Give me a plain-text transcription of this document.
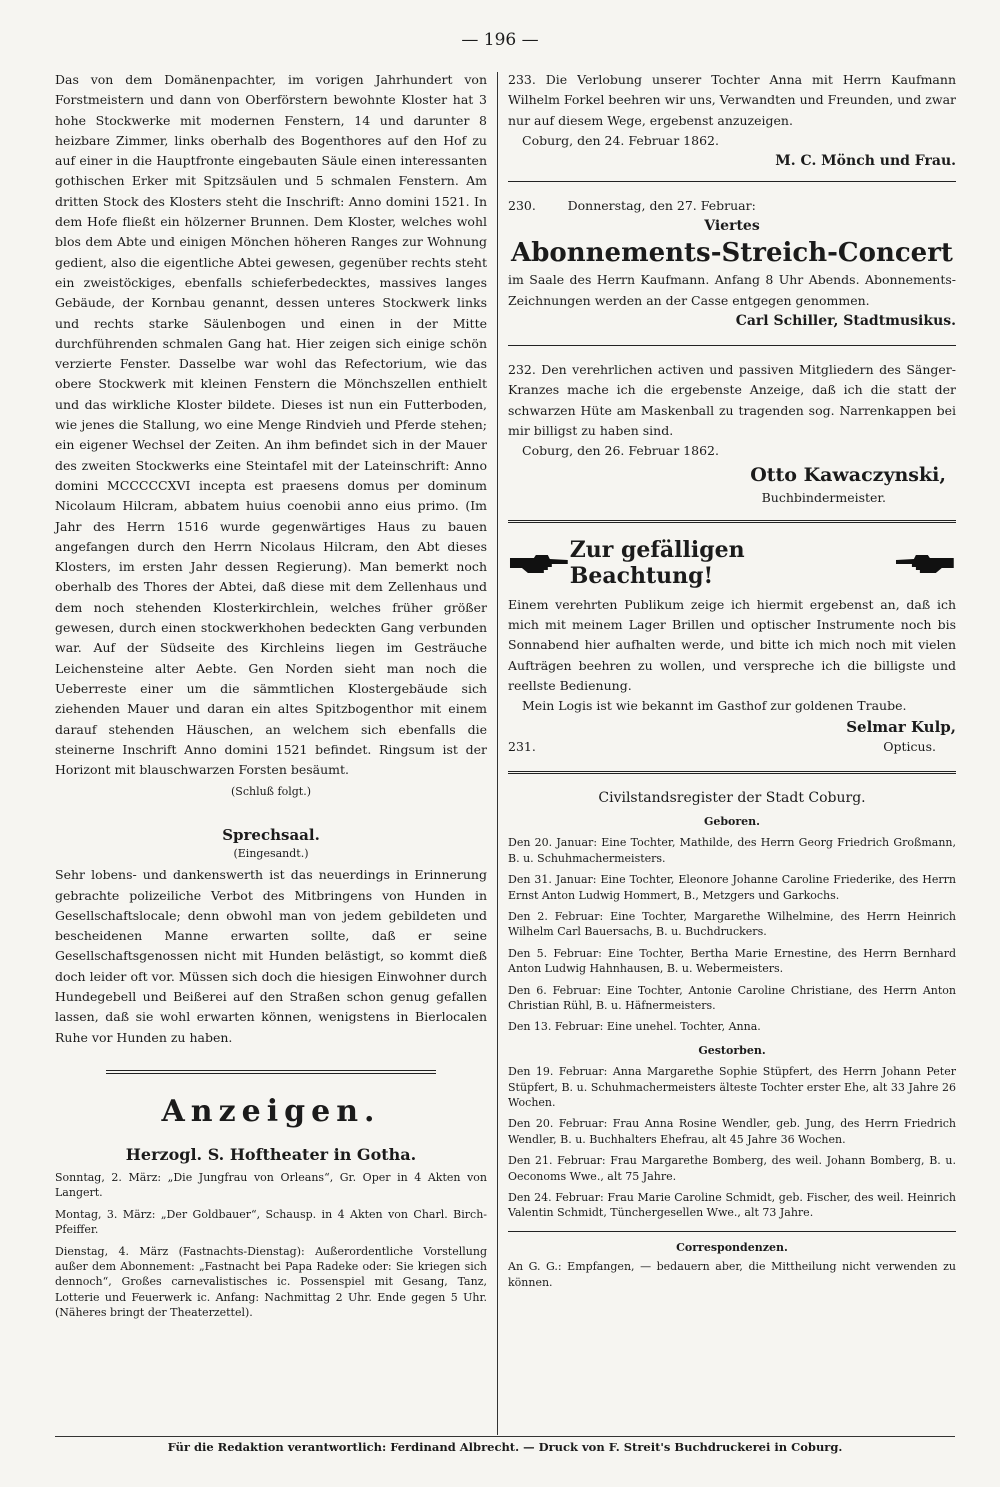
— 196 —

Das von dem Domänenpachter, im vorigen Jahrhundert von Forstmeistern und dann von Oberförstern bewohnte Kloster hat 3 hohe Stockwerke mit modernen Fenstern, 14 und darunter 8 heizbare Zimmer, links oberhalb des Bogenthores auf den Hof zu auf einer in die Hauptfronte eingebauten Säule einen interessanten gothischen Erker mit Spitzsäulen und 5 schmalen Fenstern. Am dritten Stock des Klosters steht die Inschrift: Anno domini 1521. In dem Hofe fließt ein hölzerner Brunnen. Dem Kloster, welches wohl blos dem Abte und einigen Mönchen höheren Ranges zur Wohnung gedient, also die eigentliche Abtei gewesen, gegenüber rechts steht ein zweistöckiges, ebenfalls schieferbedecktes, massives langes Gebäude, der Kornbau genannt, dessen unteres Stockwerk links und rechts starke Säulenbogen und einen in der Mitte durchführenden schmalen Gang hat. Hier zeigen sich einige schön verzierte Fenster. Dasselbe war wohl das Refectorium, wie das obere Stockwerk mit kleinen Fenstern die Mönchszellen enthielt und das wirkliche Kloster bildete. Dieses ist nun ein Futterboden, wie jenes die Stallung, wo eine Menge Rindvieh und Pferde stehen; ein eigener Wechsel der Zeiten. An ihm befindet sich in der Mauer des zweiten Stockwerks eine Steintafel mit der Lateinschrift: Anno domini MCCCCCXVI incepta est praesens domus per dominum Nicolaum Hilcram, abbatem huius coenobii anno eius primo. (Im Jahr des Herrn 1516 wurde gegenwärtiges Haus zu bauen angefangen durch den Herrn Nicolaus Hilcram, den Abt dieses Klosters, im ersten Jahr dessen Regierung). Man bemerkt noch oberhalb des Thores der Abtei, daß diese mit dem Zellenhaus und dem noch stehenden Klosterkirchlein, welches früher größer gewesen, durch einen stockwerkhohen bedeckten Gang verbunden war. Auf der Südseite des Kirchleins liegen im Gesträuche Leichensteine alter Aebte. Gen Norden sieht man noch die Ueberreste einer um die sämmtlichen Klostergebäude sich ziehenden Mauer und daran ein altes Spitzbogenthor mit einem darauf stehenden Häuschen, an welchem sich ebenfalls die steinerne Inschrift Anno domini 1521 befindet. Ringsum ist der Horizont mit blauschwarzen Forsten besäumt.

(Schluß folgt.)

Sprechsaal.

(Eingesandt.)

Sehr lobens- und dankenswerth ist das neuerdings in Erinnerung gebrachte polizeiliche Verbot des Mitbringens von Hunden in Gesellschaftslocale; denn obwohl man von jedem gebildeten und bescheidenen Manne erwarten sollte, daß er seine Gesellschaftsgenossen nicht mit Hunden belästigt, so kommt dieß doch leider oft vor. Müssen sich doch die hiesigen Einwohner durch Hundegebell und Beißerei auf den Straßen schon genug gefallen lassen, daß sie wohl erwarten können, wenigstens in Bierlocalen Ruhe vor Hunden zu haben.

Anzeigen.

Herzogl. S. Hoftheater in Gotha.

Sonntag, 2. März: „Die Jungfrau von Orleans“, Gr. Oper in 4 Akten von Langert.

Montag, 3. März: „Der Goldbauer“, Schausp. in 4 Akten von Charl. Birch-Pfeiffer.

Dienstag, 4. März (Fastnachts-Dienstag): Außerordentliche Vorstellung außer dem Abonnement: „Fastnacht bei Papa Radeke oder: Sie kriegen sich dennoch“, Großes carnevalistisches ic. Possenspiel mit Gesang, Tanz, Lotterie und Feuerwerk ic. Anfang: Nachmittag 2 Uhr. Ende gegen 5 Uhr. (Näheres bringt der Theaterzettel).

233. Die Verlobung unserer Tochter Anna mit Herrn Kaufmann Wilhelm Forkel beehren wir uns, Verwandten und Freunden, und zwar nur auf diesem Wege, ergebenst anzuzeigen.

Coburg, den 24. Februar 1862.

M. C. Mönch und Frau.

230.        Donnerstag, den 27. Februar:

Viertes

Abonnements-Streich-Concert

im Saale des Herrn Kaufmann. Anfang 8 Uhr Abends. Abonnements-Zeichnungen werden an der Casse entgegen genommen.

Carl Schiller, Stadtmusikus.

232. Den verehrlichen activen und passiven Mitgliedern des Sänger-Kranzes mache ich die ergebenste Anzeige, daß ich die statt der schwarzen Hüte am Maskenball zu tragenden sog. Narrenkappen bei mir billigst zu haben sind.

Coburg, den 26. Februar 1862.

Otto Kawaczynski,

Buchbindermeister.

Zur gefälligen Beachtung!

Einem verehrten Publikum zeige ich hiermit ergebenst an, daß ich mich mit meinem Lager Brillen und optischer Instrumente noch bis Sonnabend hier aufhalten werde, und bitte ich mich noch mit vielen Aufträgen beehren zu wollen, und verspreche ich die billigste und reellste Bedienung.

Mein Logis ist wie bekannt im Gasthof zur goldenen Traube.

Selmar Kulp,

231.	Opticus.

Civilstandsregister der Stadt Coburg.

Geboren.

Den 20. Januar: Eine Tochter, Mathilde, des Herrn Georg Friedrich Großmann, B. u. Schuhmachermeisters.

Den 31. Januar: Eine Tochter, Eleonore Johanne Caroline Friederike, des Herrn Ernst Anton Ludwig Hommert, B., Metzgers und Garkochs.

Den 2. Februar: Eine Tochter, Margarethe Wilhelmine, des Herrn Heinrich Wilhelm Carl Bauersachs, B. u. Buchdruckers.

Den 5. Februar: Eine Tochter, Bertha Marie Ernestine, des Herrn Bernhard Anton Ludwig Hahnhausen, B. u. Webermeisters.

Den 6. Februar: Eine Tochter, Antonie Caroline Christiane, des Herrn Anton Christian Rühl, B. u. Häfnermeisters.

Den 13. Februar: Eine unehel. Tochter, Anna.

Gestorben.

Den 19. Februar: Anna Margarethe Sophie Stüpfert, des Herrn Johann Peter Stüpfert, B. u. Schuhmachermeisters älteste Tochter erster Ehe, alt 33 Jahre 26 Wochen.

Den 20. Februar: Frau Anna Rosine Wendler, geb. Jung, des Herrn Friedrich Wendler, B. u. Buchhalters Ehefrau, alt 45 Jahre 36 Wochen.

Den 21. Februar: Frau Margarethe Bomberg, des weil. Johann Bomberg, B. u. Oeconoms Wwe., alt 75 Jahre.

Den 24. Februar: Frau Marie Caroline Schmidt, geb. Fischer, des weil. Heinrich Valentin Schmidt, Tünchergesellen Wwe., alt 73 Jahre.

Correspondenzen.

An G. G.: Empfangen, — bedauern aber, die Mittheilung nicht verwenden zu können.

Für die Redaktion verantwortlich: Ferdinand Albrecht. — Druck von F. Streit's Buchdruckerei in Coburg.
